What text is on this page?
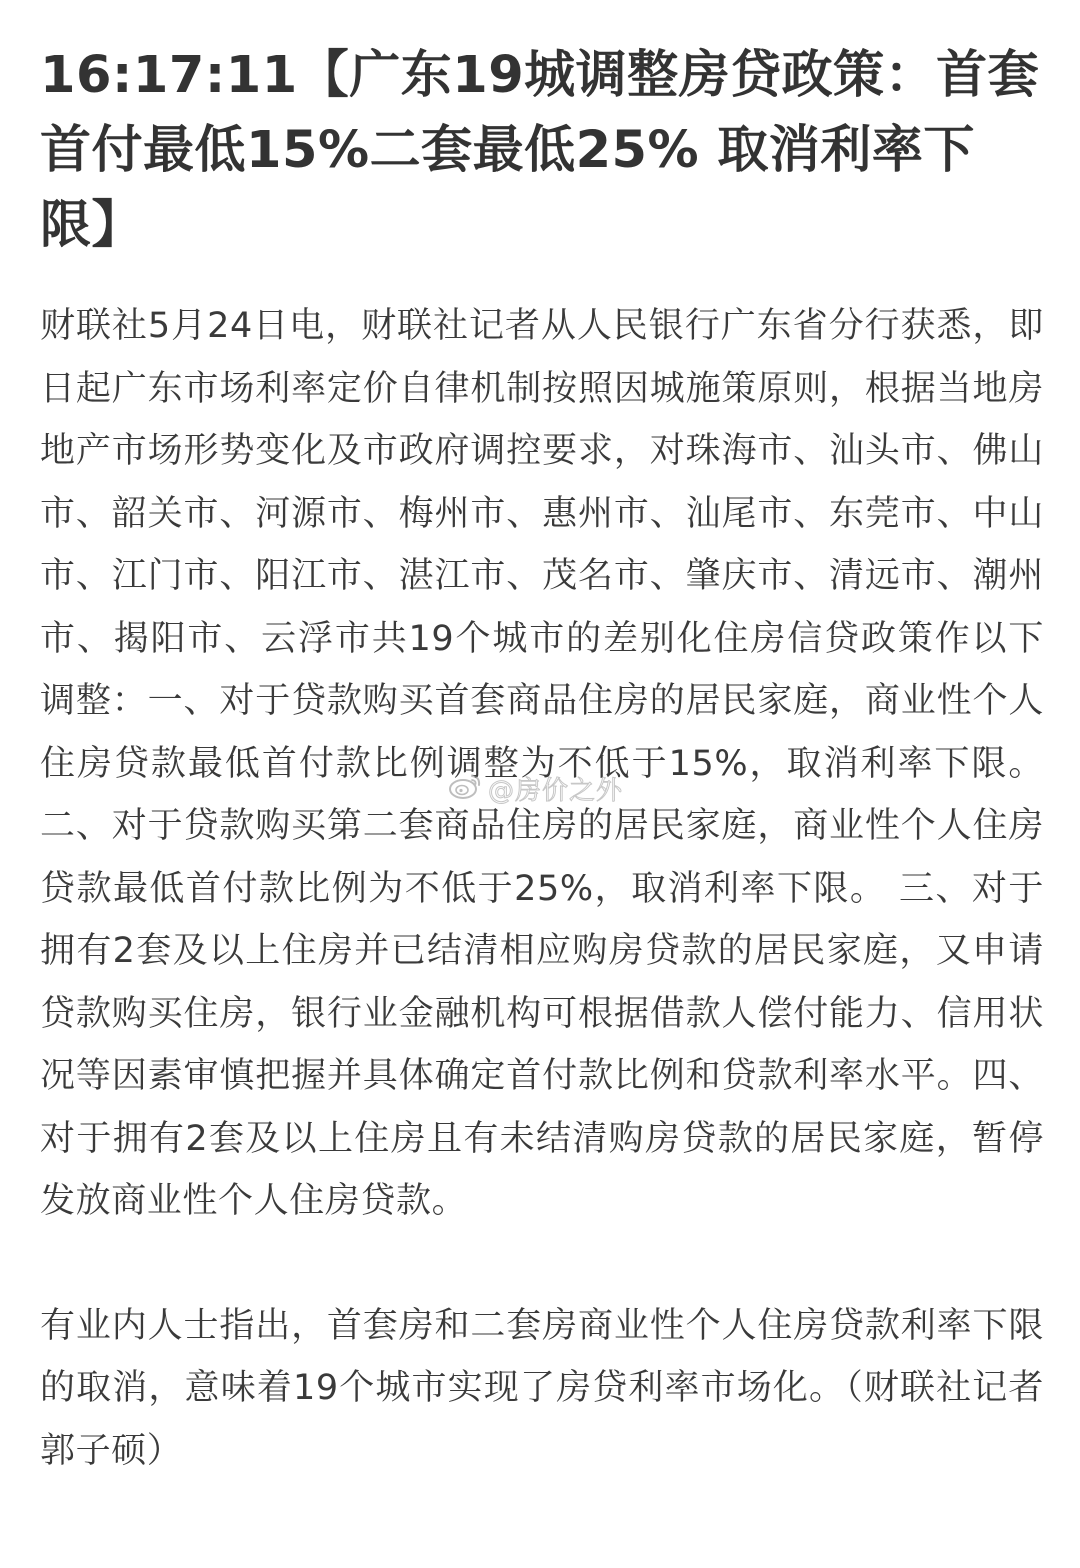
16:17:11【广东19城调整房贷政策：首套首付最低15%二套最低25% 取消利率下限】

财联社5月24日电，财联社记者从人民银行广东省分行获悉，即日起广东市场利率定价自律机制按照因城施策原则，根据当地房地产市场形势变化及市政府调控要求，对珠海市、汕头市、佛山市、韶关市、河源市、梅州市、惠州市、汕尾市、东莞市、中山市、江门市、阳江市、湛江市、茂名市、肇庆市、清远市、潮州市、揭阳市、云浮市共19个城市的差别化住房信贷政策作以下调整：一、对于贷款购买首套商品住房的居民家庭，商业性个人住房贷款最低首付款比例调整为不低于15%，取消利率下限。二、对于贷款购买第二套商品住房的居民家庭，商业性个人住房贷款最低首付款比例为不低于25%，取消利率下限。 三、对于拥有2套及以上住房并已结清相应购房贷款的居民家庭，又申请贷款购买住房，银行业金融机构可根据借款人偿付能力、信用状况等因素审慎把握并具体确定首付款比例和贷款利率水平。四、对于拥有2套及以上住房且有未结清购房贷款的居民家庭，暂停发放商业性个人住房贷款。

有业内人士指出，首套房和二套房商业性个人住房贷款利率下限的取消，意味着19个城市实现了房贷利率市场化。（财联社记者 郭子硕）

@房价之外
